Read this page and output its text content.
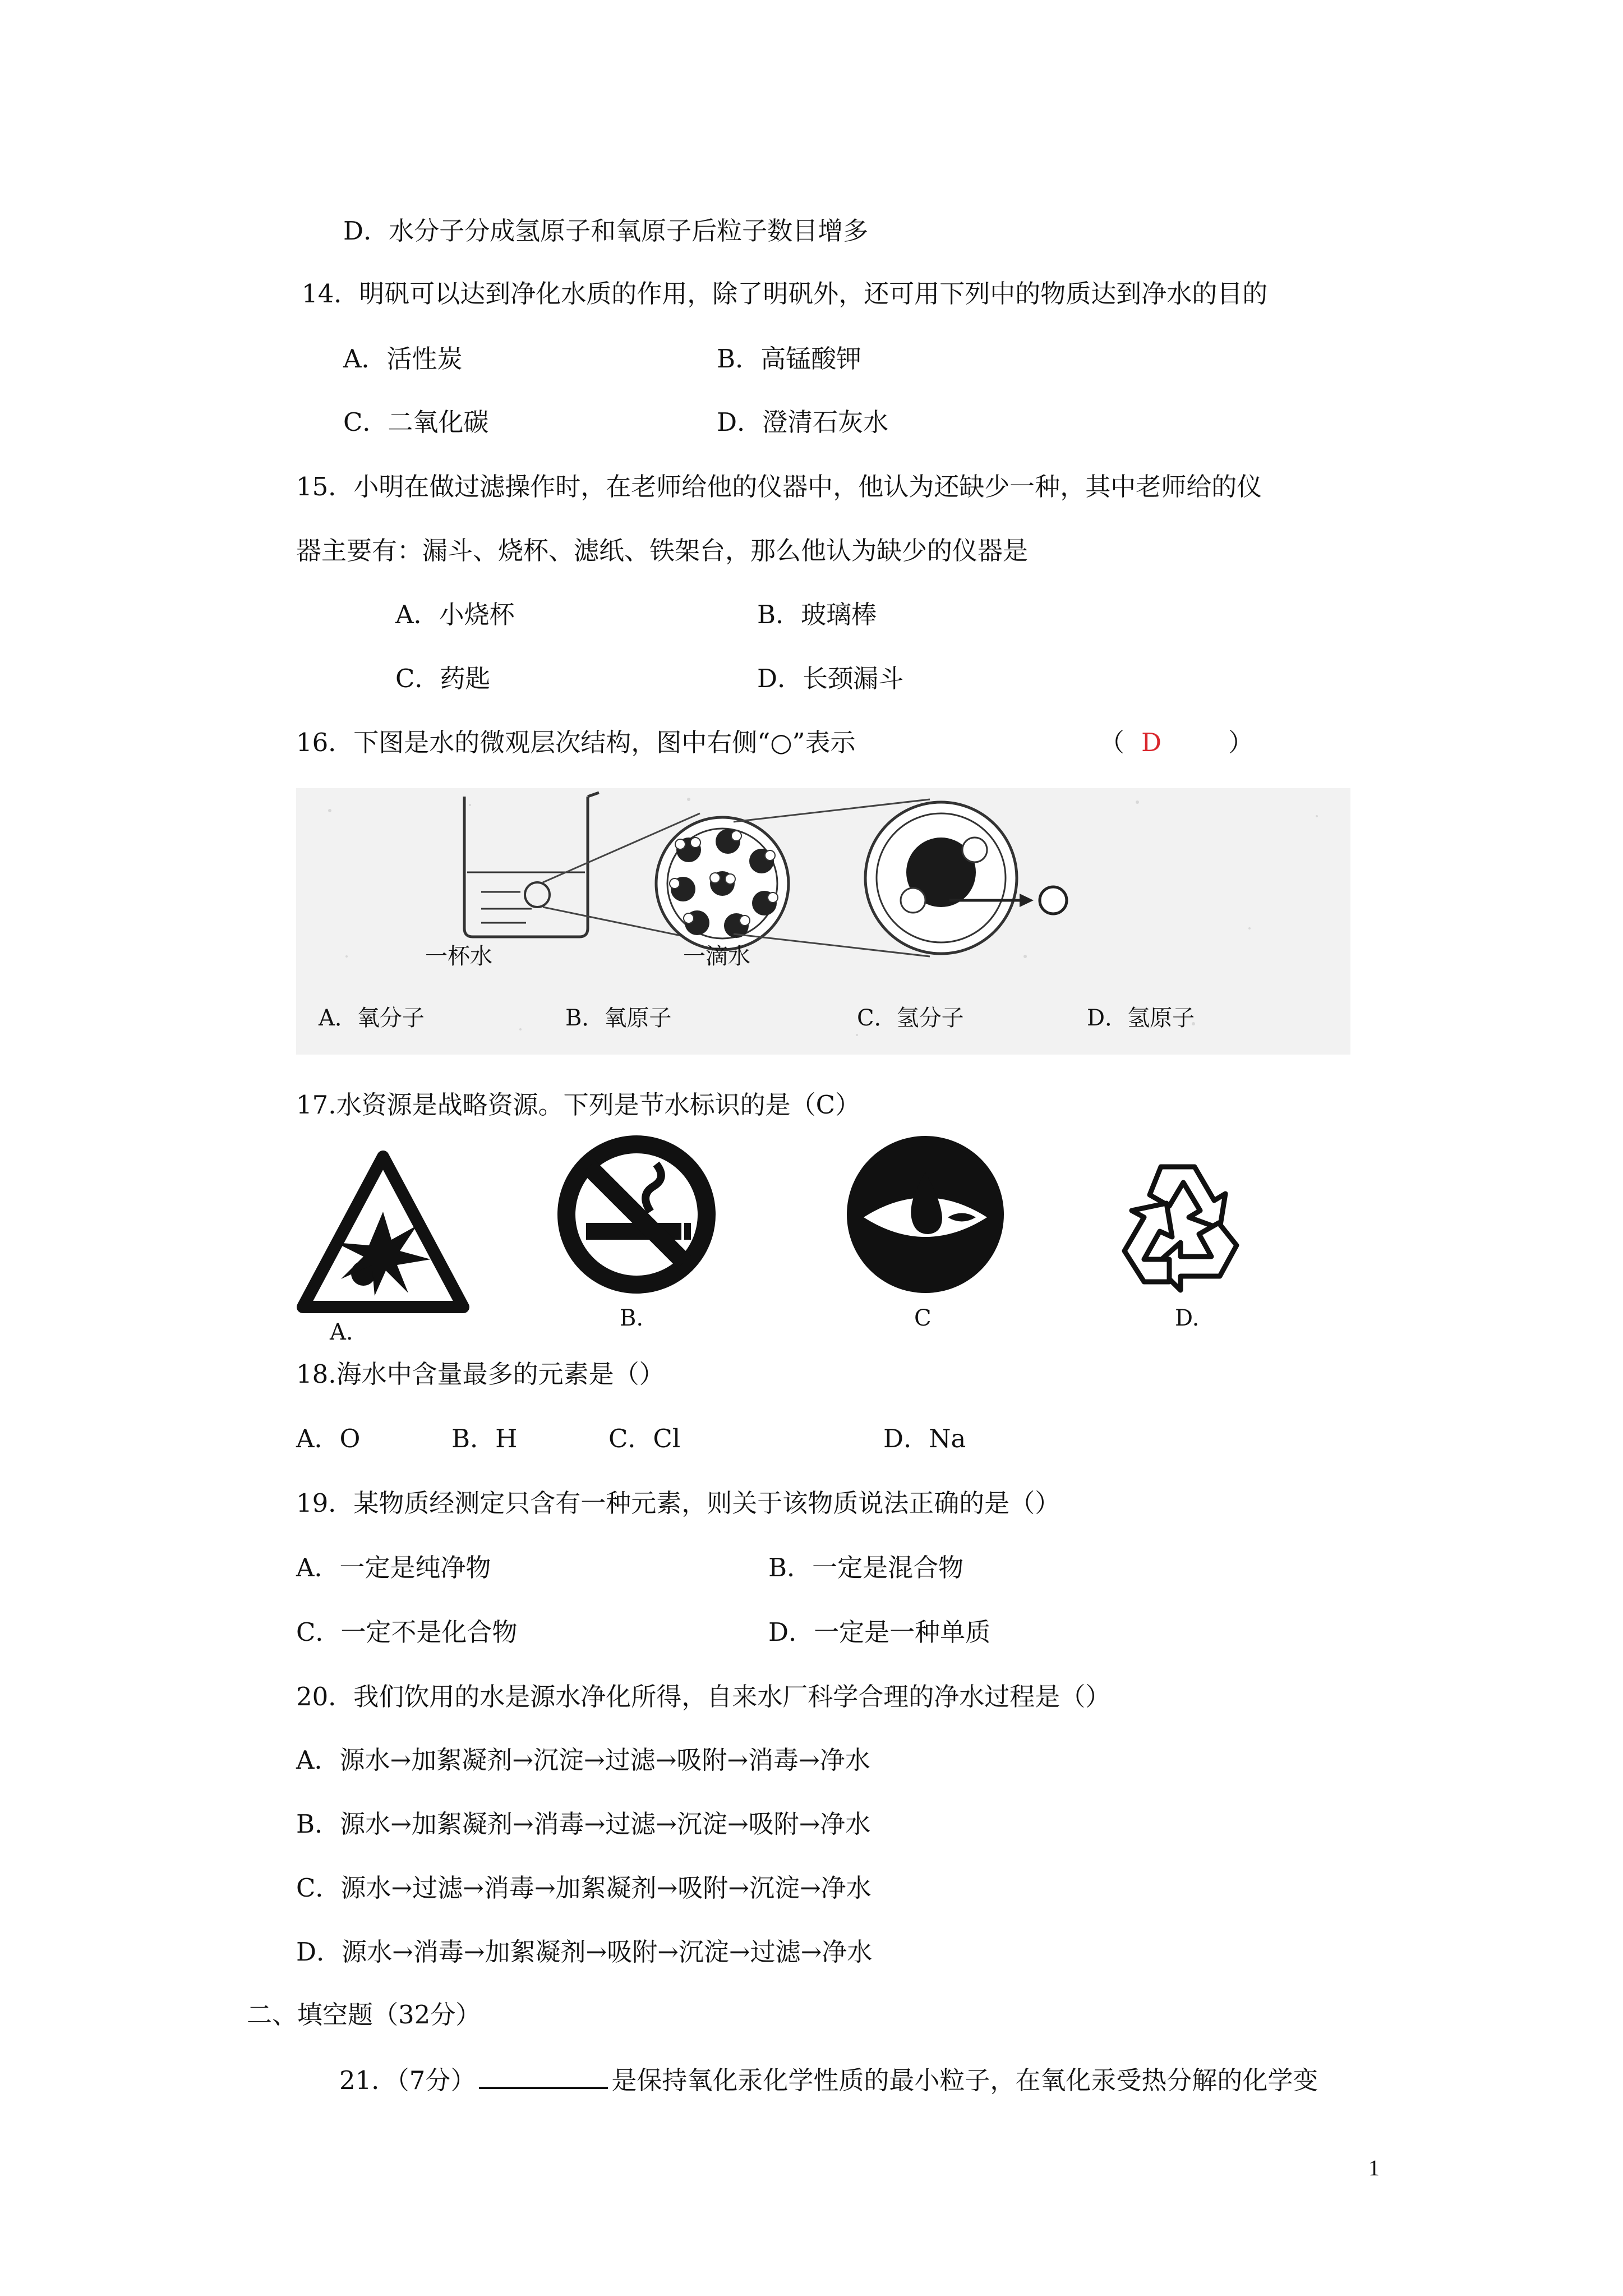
D．水分子分成氢原子和氧原子后粒子数目增多
14．明矾可以达到净化水质的作用，除了明矾外，还可用下列中的物质达到净水的目的
A．活性炭	B．高锰酸钾
C．二氧化碳	D．澄清石灰水
15．小明在做过滤操作时，在老师给他的仪器中，他认为还缺少一种，其中老师给的仪
器主要有：漏斗、烧杯、滤纸、铁架台，那么他认为缺少的仪器是
A．小烧杯	B．玻璃棒
C．药匙	D．长颈漏斗
16．下图是水的微观层次结构，图中右侧“○”表示	（ D	）
一杯水	一滴水
A．氧分子	B．氧原子	C．氢分子	D．氢原子
17.水资源是战略资源。下列是节水标识的是（C）
A.
B.	C	D.
18.海水中含量最多的元素是（）
A．O	B．H	C．Cl	D．Na
19．某物质经测定只含有一种元素，则关于该物质说法正确的是（）
A．一定是纯净物	B．一定是混合物
C．一定不是化合物	D．一定是一种单质
20．我们饮用的水是源水净化所得，自来水厂科学合理的净水过程是（）
A．源水→加絮凝剂→沉淀→过滤→吸附→消毒→净水
B．源水→加絮凝剂→消毒→过滤→沉淀→吸附→净水
C．源水→过滤→消毒→加絮凝剂→吸附→沉淀→净水
D．源水→消毒→加絮凝剂→吸附→沉淀→过滤→净水
二、填空题（32分）
21．（7分）	是保持氧化汞化学性质的最小粒子，在氧化汞受热分解的化学变
1
